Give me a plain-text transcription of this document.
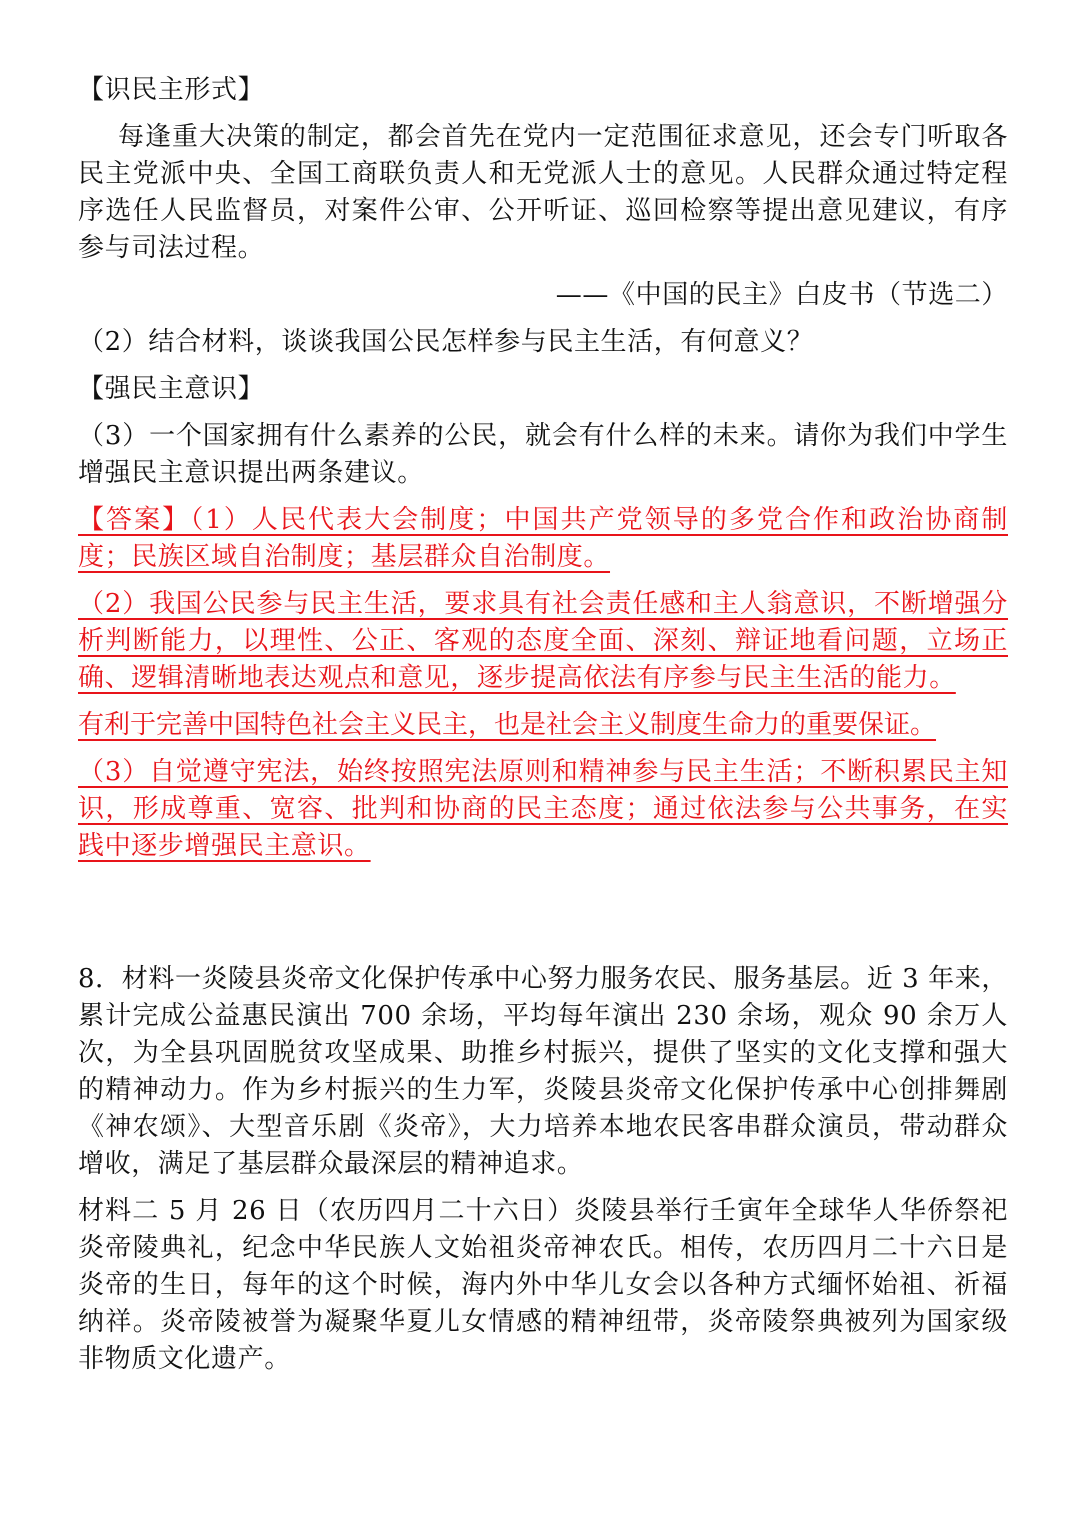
【识民主形式】

每逢重大决策的制定，都会首先在党内一定范围征求意见，还会专门听取各民主党派中央、全国工商联负责人和无党派人士的意见。人民群众通过特定程序选任人民监督员，对案件公审、公开听证、巡回检察等提出意见建议，有序参与司法过程。

——《中国的民主》白皮书（节选二）

（2）结合材料，谈谈我国公民怎样参与民主生活，有何意义？

【强民主意识】

（3）一个国家拥有什么素养的公民，就会有什么样的未来。请你为我们中学生增强民主意识提出两条建议。

【答案】（1）人民代表大会制度；中国共产党领导的多党合作和政治协商制度；民族区域自治制度；基层群众自治制度。

（2）我国公民参与民主生活，要求具有社会责任感和主人翁意识，不断增强分析判断能力，以理性、公正、客观的态度全面、深刻、辩证地看问题，立场正确、逻辑清晰地表达观点和意见，逐步提高依法有序参与民主生活的能力。

有利于完善中国特色社会主义民主，也是社会主义制度生命力的重要保证。

（3）自觉遵守宪法，始终按照宪法原则和精神参与民主生活；不断积累民主知识，形成尊重、宽容、批判和协商的民主态度；通过依法参与公共事务，在实践中逐步增强民主意识。

8．材料一炎陵县炎帝文化保护传承中心努力服务农民、服务基层。近 3 年来，累计完成公益惠民演出 700 余场，平均每年演出 230 余场，观众 90 余万人次，为全县巩固脱贫攻坚成果、助推乡村振兴，提供了坚实的文化支撑和强大的精神动力。作为乡村振兴的生力军，炎陵县炎帝文化保护传承中心创排舞剧《神农颂》、大型音乐剧《炎帝》，大力培养本地农民客串群众演员，带动群众增收，满足了基层群众最深层的精神追求。

材料二 5 月 26 日（农历四月二十六日）炎陵县举行壬寅年全球华人华侨祭祀炎帝陵典礼，纪念中华民族人文始祖炎帝神农氏。相传，农历四月二十六日是炎帝的生日，每年的这个时候，海内外中华儿女会以各种方式缅怀始祖、祈福纳祥。炎帝陵被誉为凝聚华夏儿女情感的精神纽带，炎帝陵祭典被列为国家级非物质文化遗产。
